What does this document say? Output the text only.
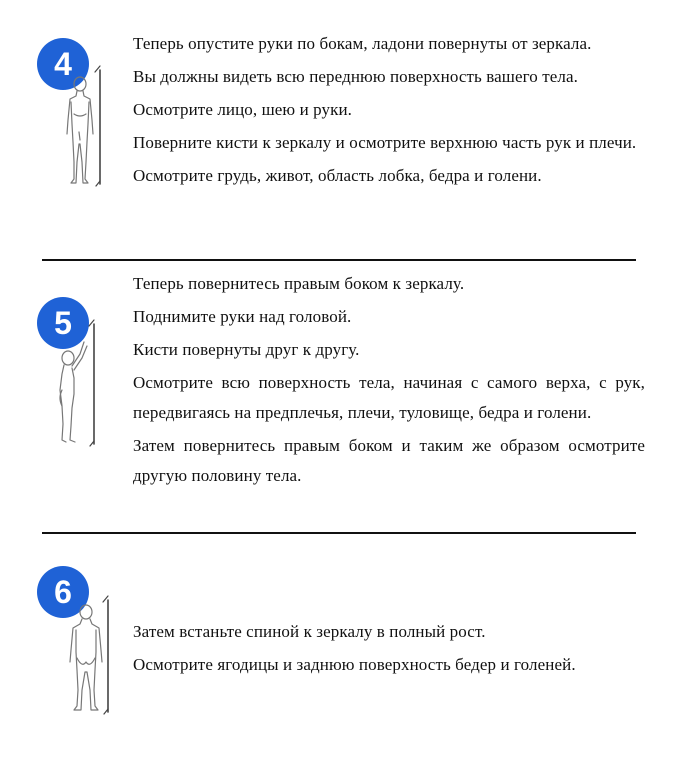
4

Теперь опустите руки по бокам, ладони повернуты от зеркала.

Вы должны видеть всю переднюю поверхность вашего тела.

Осмотрите лицо, шею и руки.

Поверните кисти к зеркалу и осмотрите верхнюю часть рук и плечи.

Осмотрите грудь, живот, область лобка, бедра и голени.

5

Теперь повернитесь правым боком к зеркалу.

Поднимите руки над головой.

Кисти повернуты друг к другу.

Осмотрите всю поверхность тела, начиная с самого верха, с рук, передвигаясь на предплечья, плечи, туловище, бедра и голени.

Затем повернитесь правым боком и таким же образом осмотрите другую половину тела.

6

Затем встаньте спиной к зеркалу в полный рост.

Осмотрите ягодицы и заднюю поверхность бедер и голеней.
